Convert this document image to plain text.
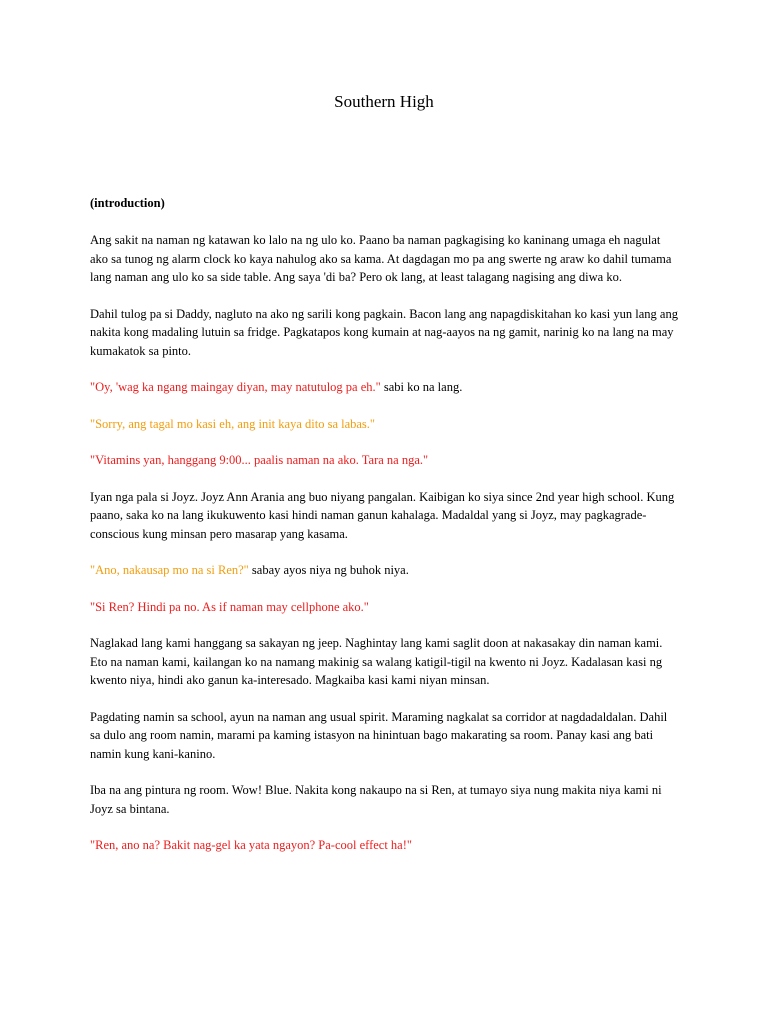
Southern High
(introduction)

Ang sakit na naman ng katawan ko lalo na ng ulo ko. Paano ba naman pagkagising ko kaninang umaga eh nagulat ako sa tunog ng alarm clock ko kaya nahulog ako sa kama. At dagdagan mo pa ang swerte ng araw ko dahil tumama lang naman ang ulo ko sa side table. Ang saya 'di ba? Pero ok lang, at least talagang nagising ang diwa ko.

Dahil tulog pa si Daddy, nagluto na ako ng sarili kong pagkain. Bacon lang ang napagdiskitahan ko kasi yun lang ang nakita kong madaling lutuin sa fridge. Pagkatapos kong kumain at nag-aayos na ng gamit, narinig ko na lang na may kumakatok sa pinto.

"Oy, 'wag ka ngang maingay diyan, may natutulog pa eh." sabi ko na lang.

"Sorry, ang tagal mo kasi eh, ang init kaya dito sa labas."

"Vitamins yan, hanggang 9:00... paalis naman na ako. Tara na nga."

Iyan nga pala si Joyz. Joyz Ann Arania ang buo niyang pangalan. Kaibigan ko siya since 2nd year high school. Kung paano, saka ko na lang ikukuwento kasi hindi naman ganun kahalaga. Madaldal yang si Joyz, may pagkagrade-conscious kung minsan pero masarap yang kasama.

"Ano, nakausap mo na si Ren?" sabay ayos niya ng buhok niya.

"Si Ren? Hindi pa no. As if naman may cellphone ako."

Naglakad lang kami hanggang sa sakayan ng jeep. Naghintay lang kami saglit doon at nakasakay din naman kami. Eto na naman kami, kailangan ko na namang makinig sa walang katigil-tigil na kwento ni Joyz. Kadalasan kasi ng kwento niya, hindi ako ganun ka-interesado. Magkaiba kasi kami niyan minsan.

Pagdating namin sa school, ayun na naman ang usual spirit. Maraming nagkalat sa corridor at nagdadaldalan. Dahil sa dulo ang room namin, marami pa kaming istasyon na hinintuan bago makarating sa room. Panay kasi ang bati namin kung kani-kanino.

Iba na ang pintura ng room. Wow! Blue. Nakita kong nakaupo na si Ren, at tumayo siya nung makita niya kami ni Joyz sa bintana.

"Ren, ano na? Bakit nag-gel ka yata ngayon? Pa-cool effect ha!"
